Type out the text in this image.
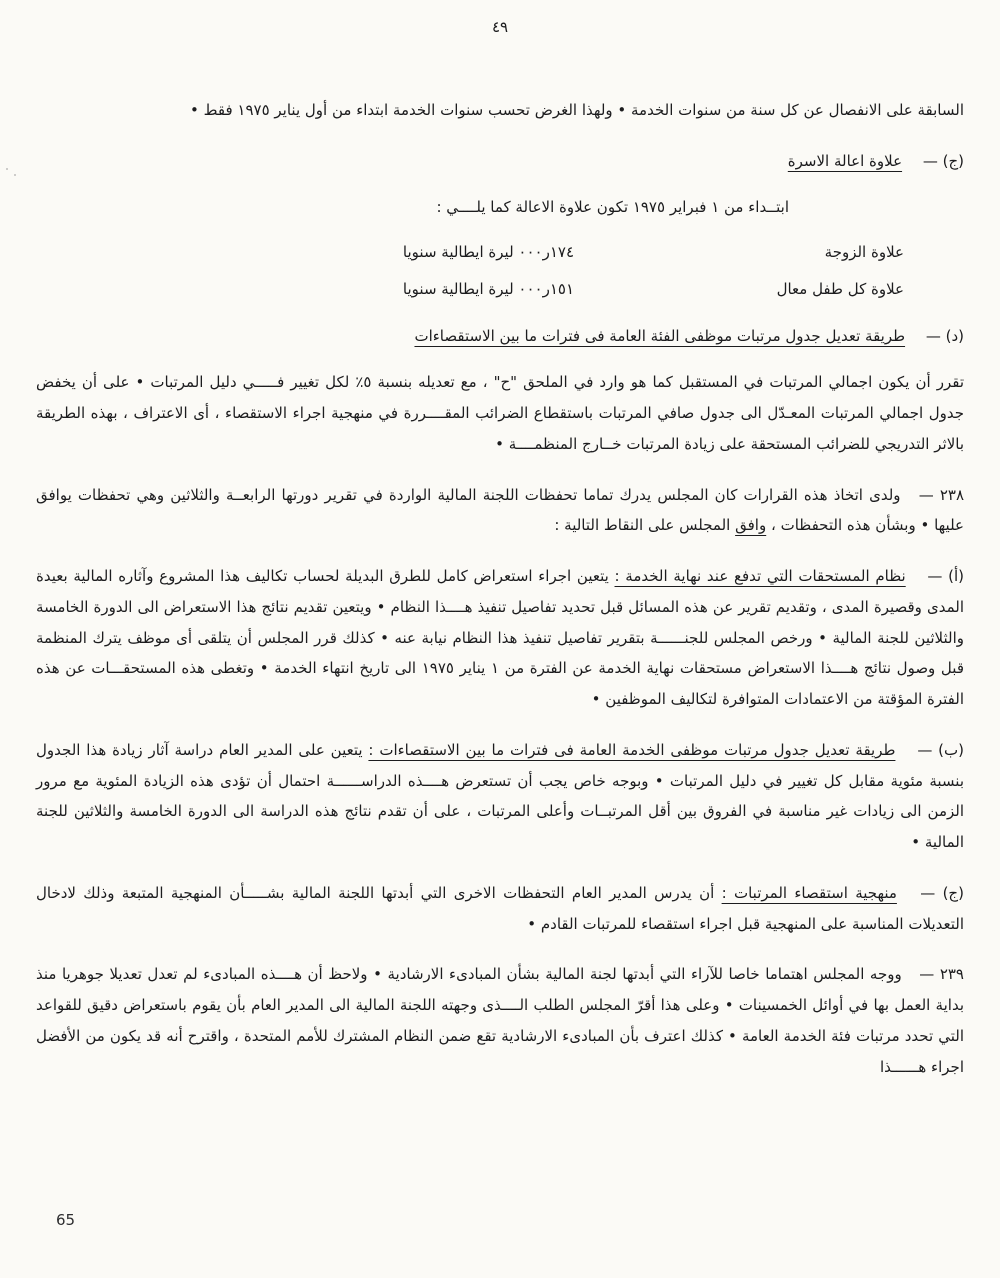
٤٩

السابقة على الانفصال عن كل سنة من سنوات الخدمة • ولهذا الغرض تحسب سنوات الخدمة ابتداء من أول يناير ١٩٧٥ فقط •

(ج) — علاوة اعالة الاسرة

ابتــداء من ١ فبراير ١٩٧٥ تكون علاوة الاعالة كما يلــــي :

علاوة الزوجة
١٧٤ر٠٠٠ ليرة ايطالية سنويا
علاوة كل طفل معال
١٥١ر٠٠٠ ليرة ايطالية سنويا
(د) — طريقة تعديل جدول مرتبات موظفى الفئة العامة فى فترات ما بين الاستقصاءات

تقرر أن يكون اجمالي المرتبات في المستقبل كما هو وارد في الملحق "ح" ، مع تعديله بنسبة ٥٪ لكل تغيير فـــــي دليل المرتبات • على أن يخفض جدول اجمالي المرتبات المعـدّل الى جدول صافي المرتبات باستقطاع الضرائب المقــــررة في منهجية اجراء الاستقصاء ، أى الاعتراف ، بهذه الطريقة بالاثر التدريجي للضرائب المستحقة على زيادة المرتبات خــارج المنظمــــة •

٢٣٨ — ولدى اتخاذ هذه القرارات كان المجلس يدرك تماما تحفظات اللجنة المالية الواردة في تقرير دورتها الرابعــة والثلاثين وهي تحفظات يوافق عليها • وبشأن هذه التحفظات ، وافق المجلس على النقاط التالية :

(أ) — نظام المستحقات التي تدفع عند نهاية الخدمة : يتعين اجراء استعراض كامل للطرق البديلة لحساب تكاليف هذا المشروع وآثاره المالية بعيدة المدى وقصيرة المدى ، وتقديم تقرير عن هذه المسائل قبل تحديد تفاصيل تنفيذ هــــذا النظام • ويتعين تقديم نتائج هذا الاستعراض الى الدورة الخامسة والثلاثين للجنة المالية • ورخص المجلس للجنــــــة بتقرير تفاصيل تنفيذ هذا النظام نيابة عنه • كذلك قرر المجلس أن يتلقى أى موظف يترك المنظمة قبل وصول نتائج هــــذا الاستعراض مستحقات نهاية الخدمة عن الفترة من ١ يناير ١٩٧٥ الى تاريخ انتهاء الخدمة • وتغطى هذه المستحقـــات عن هذه الفترة المؤقتة من الاعتمادات المتوافرة لتكاليف الموظفين •

(ب) — طريقة تعديل جدول مرتبات موظفى الخدمة العامة فى فترات ما بين الاستقصاءات : يتعين على المدير العام دراسة آثار زيادة هذا الجدول بنسبة مئوية مقابل كل تغيير في دليل المرتبات • وبوجه خاص يجب أن تستعرض هــــذه الدراســــــة احتمال أن تؤدى هذه الزيادة المئوية مع مرور الزمن الى زيادات غير مناسبة في الفروق بين أقل المرتبــات وأعلى المرتبات ، على أن تقدم نتائج هذه الدراسة الى الدورة الخامسة والثلاثين للجنة المالية •

(ج) — منهجية استقصاء المرتبات : أن يدرس المدير العام التحفظات الاخرى التي أبدتها اللجنة المالية بشـــــأن المنهجية المتبعة وذلك لادخال التعديلات المناسبة على المنهجية قبل اجراء استقصاء للمرتبات القادم •

٢٣٩ — ووجه المجلس اهتماما خاصا للآراء التي أبدتها لجنة المالية بشأن المبادىء الارشادية • ولاحظ أن هــــذه المبادىء لم تعدل تعديلا جوهريا منذ بداية العمل بها في أوائل الخمسينات • وعلى هذا أقرّ المجلس الطلب الــــذى وجهته اللجنة المالية الى المدير العام بأن يقوم باستعراض دقيق للقواعد التي تحدد مرتبات فئة الخدمة العامة • كذلك اعترف بأن المبادىء الارشادية تقع ضمن النظام المشترك للأمم المتحدة ، واقترح أنه قد يكون من الأفضل اجراء هــــــذا

65
